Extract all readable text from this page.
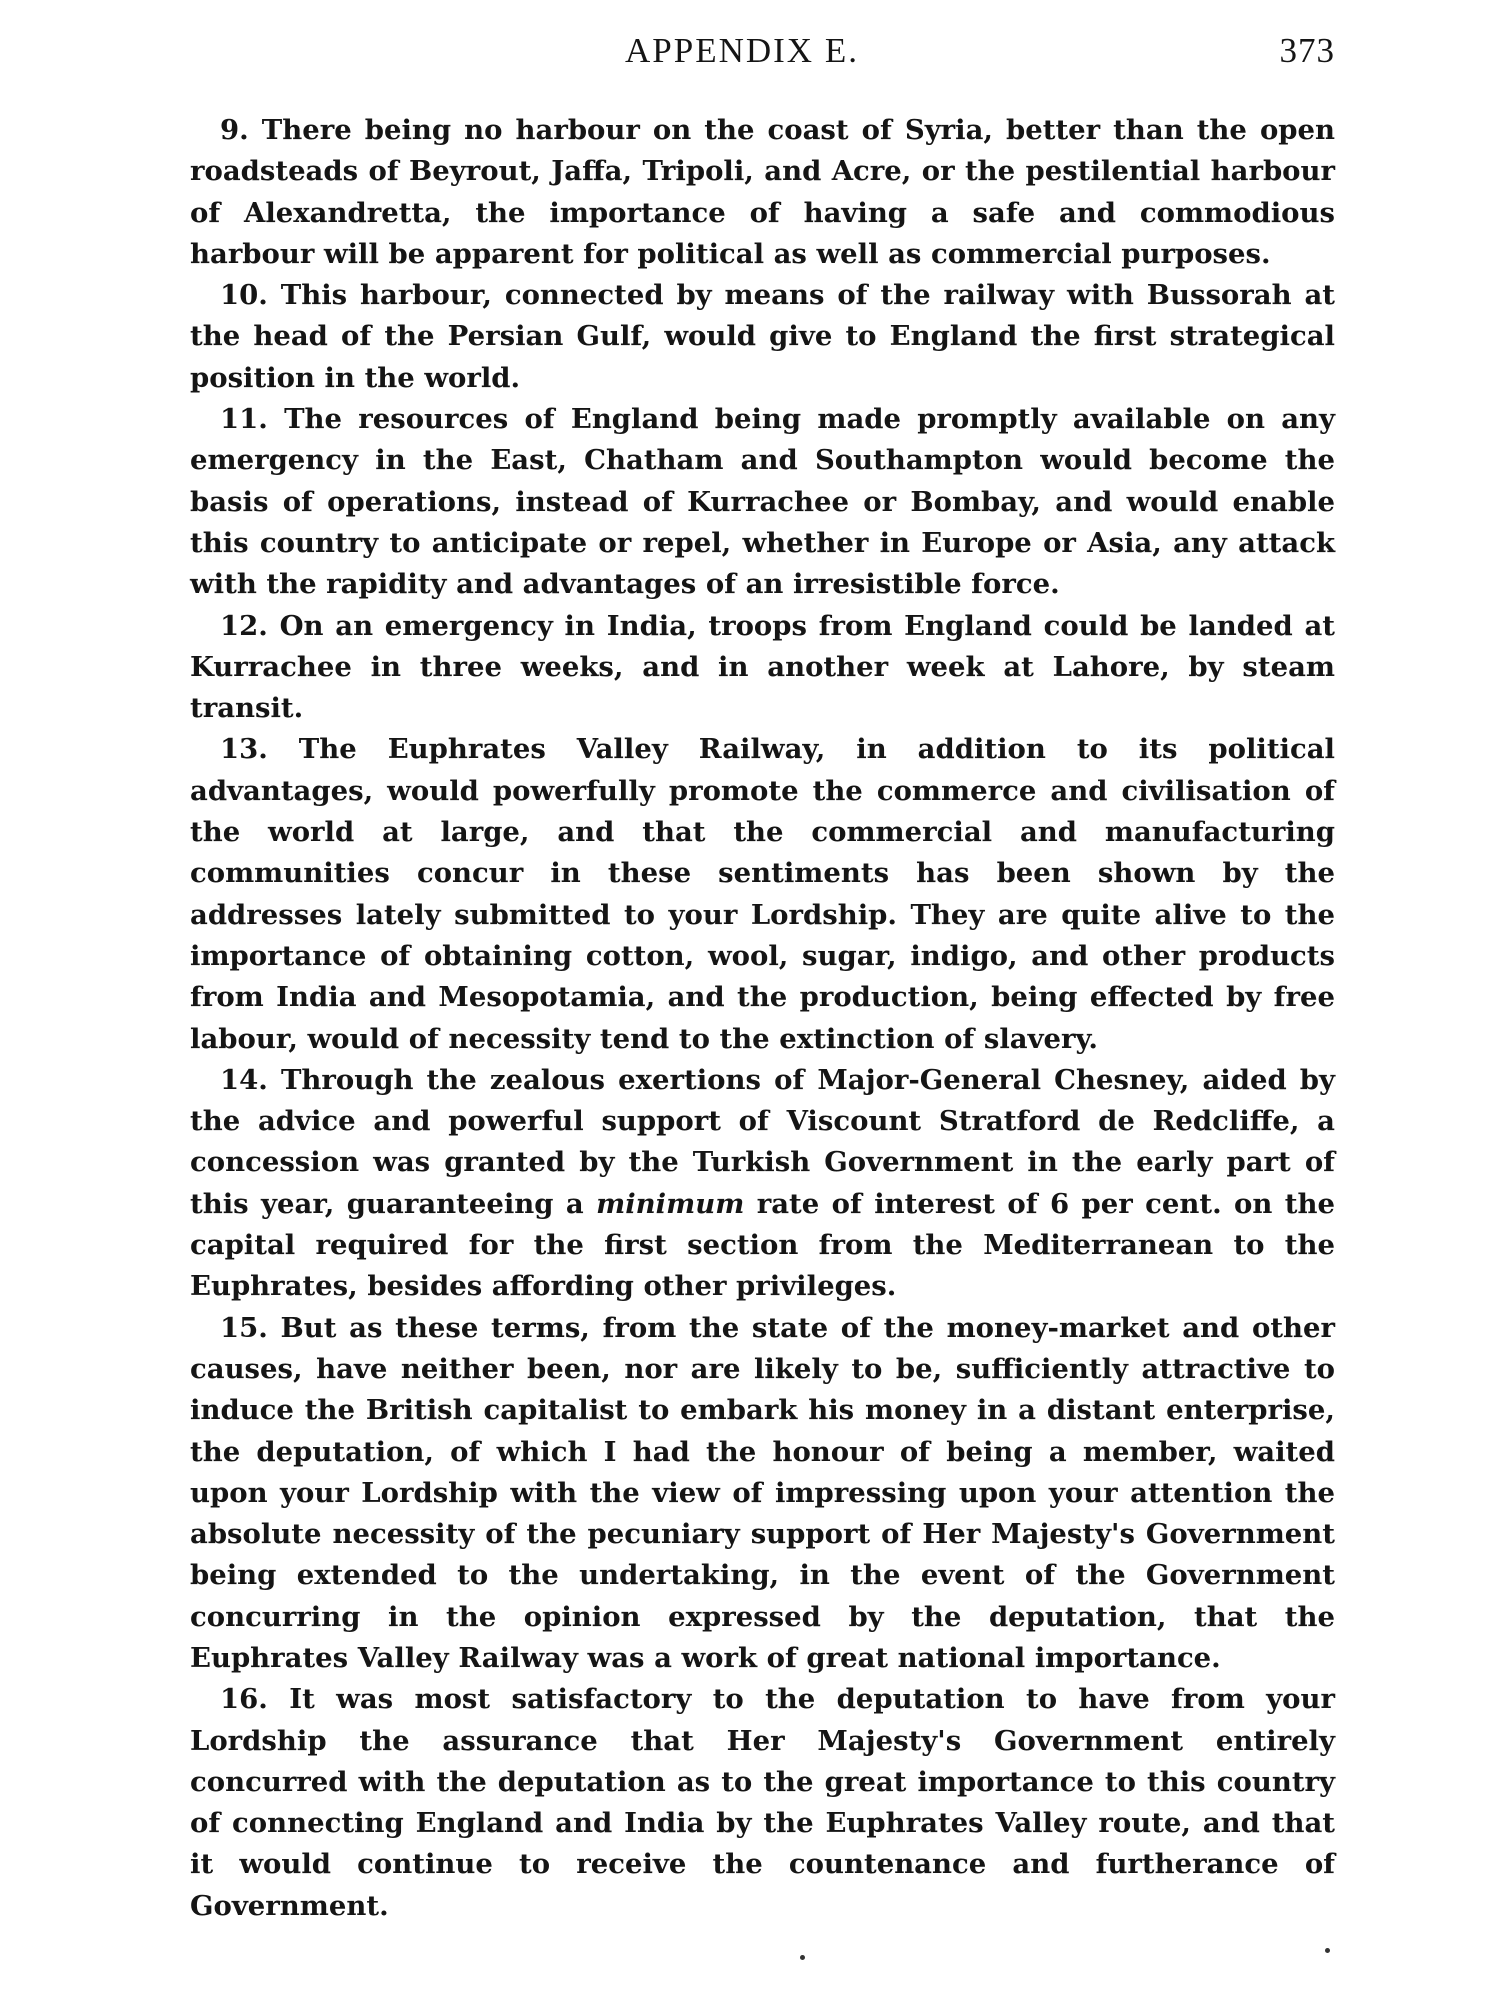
APPENDIX E.	373

9. There being no harbour on the coast of Syria, better than the open roadsteads of Beyrout, Jaffa, Tripoli, and Acre, or the pestilential harbour of Alexandretta, the importance of having a safe and commodious harbour will be apparent for political as well as commercial purposes.

10. This harbour, connected by means of the railway with Bussorah at the head of the Persian Gulf, would give to England the first strategical position in the world.

11. The resources of England being made promptly available on any emergency in the East, Chatham and Southampton would become the basis of operations, instead of Kurrachee or Bombay, and would enable this country to anticipate or repel, whether in Europe or Asia, any attack with the rapidity and advantages of an irresistible force.

12. On an emergency in India, troops from England could be landed at Kurrachee in three weeks, and in another week at Lahore, by steam transit.

13. The Euphrates Valley Railway, in addition to its political advantages, would powerfully promote the commerce and civilisation of the world at large, and that the commercial and manufacturing communities concur in these sentiments has been shown by the addresses lately submitted to your Lordship. They are quite alive to the importance of obtaining cotton, wool, sugar, indigo, and other products from India and Mesopotamia, and the production, being effected by free labour, would of necessity tend to the extinction of slavery.

14. Through the zealous exertions of Major-General Chesney, aided by the advice and powerful support of Viscount Stratford de Redcliffe, a concession was granted by the Turkish Government in the early part of this year, guaranteeing a minimum rate of interest of 6 per cent. on the capital required for the first section from the Mediterranean to the Euphrates, besides affording other privileges.

15. But as these terms, from the state of the money-market and other causes, have neither been, nor are likely to be, sufficiently attractive to induce the British capitalist to embark his money in a distant enterprise, the deputation, of which I had the honour of being a member, waited upon your Lordship with the view of impressing upon your attention the absolute necessity of the pecuniary support of Her Majesty's Government being extended to the undertaking, in the event of the Government concurring in the opinion expressed by the deputation, that the Euphrates Valley Railway was a work of great national importance.

16. It was most satisfactory to the deputation to have from your Lordship the assurance that Her Majesty's Government entirely concurred with the deputation as to the great importance to this country of connecting England and India by the Euphrates Valley route, and that it would continue to receive the countenance and furtherance of Government.
